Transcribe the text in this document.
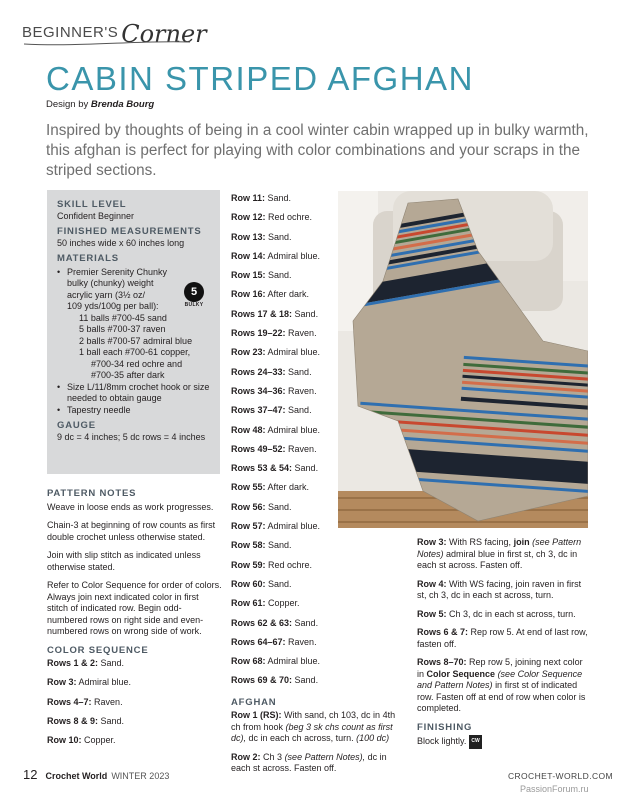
BEGINNER'S Corner
CABIN STRIPED AFGHAN
Design by Brenda Bourg

Inspired by thoughts of being in a cool winter cabin wrapped up in bulky warmth, this afghan is perfect for playing with color combinations and your scraps in the striped sections.

SKILL LEVEL
Confident Beginner
FINISHED MEASUREMENTS
50 inches wide x 60 inches long
MATERIALS
• Premier Serenity Chunky
bulky (chunky) weight
acrylic yarn (3½ oz/
109 yds/100g per ball):
11 balls #700-45 sand
5 balls #700-37 raven
2 balls #700-57 admiral blue
1 ball each #700-61 copper,
#700-34 red ochre and
#700-35 after dark
• Size L/11/8mm crochet hook or size
needed to obtain gauge
• Tapestry needle
GAUGE
9 dc = 4 inches; 5 dc rows = 4 inches
5
BULKY
PATTERN NOTES

Weave in loose ends as work progresses.

Chain-3 at beginning of row counts as first double crochet unless otherwise stated.

Join with slip stitch as indicated unless otherwise stated.

Refer to Color Sequence for order of colors. Always join next indicated color in first stitch of indicated row. Begin odd-numbered rows on right side and even-numbered rows on wrong side of work.

COLOR SEQUENCE

Rows 1 & 2: Sand.

Row 3: Admiral blue.

Rows 4–7: Raven.

Rows 8 & 9: Sand.

Row 10: Copper.

Row 11: Sand.

Row 12: Red ochre.

Row 13: Sand.

Row 14: Admiral blue.

Row 15: Sand.

Row 16: After dark.

Rows 17 & 18: Sand.

Rows 19–22: Raven.

Row 23: Admiral blue.

Rows 24–33: Sand.

Rows 34–36: Raven.

Rows 37–47: Sand.

Row 48: Admiral blue.

Rows 49–52: Raven.

Rows 53 & 54: Sand.

Row 55: After dark.

Row 56: Sand.

Row 57: Admiral blue.

Row 58: Sand.

Row 59: Red ochre.

Row 60: Sand.

Row 61: Copper.

Rows 62 & 63: Sand.

Rows 64–67: Raven.

Row 68: Admiral blue.

Rows 69 & 70: Sand.

AFGHAN

Row 1 (RS): With sand, ch 103, dc in 4th ch from hook (beg 3 sk chs count as first dc), dc in each ch across, turn. (100 dc)

Row 2: Ch 3 (see Pattern Notes), dc in each st across. Fasten off.

Row 3: With RS facing, join (see Pattern Notes) admiral blue in first st, ch 3, dc in each st across. Fasten off.

Row 4: With WS facing, join raven in first st, ch 3, dc in each st across, turn.

Row 5: Ch 3, dc in each st across, turn.

Rows 6 & 7: Rep row 5. At end of last row, fasten off.

Rows 8–70: Rep row 5, joining next color in Color Sequence (see Color Sequence and Pattern Notes) in first st of indicated row. Fasten off at end of row when color is completed.

FINISHING

Block lightly. CW

12 Crochet World WINTER 2023	CROCHET-WORLD.COM
PassionForum.ru
